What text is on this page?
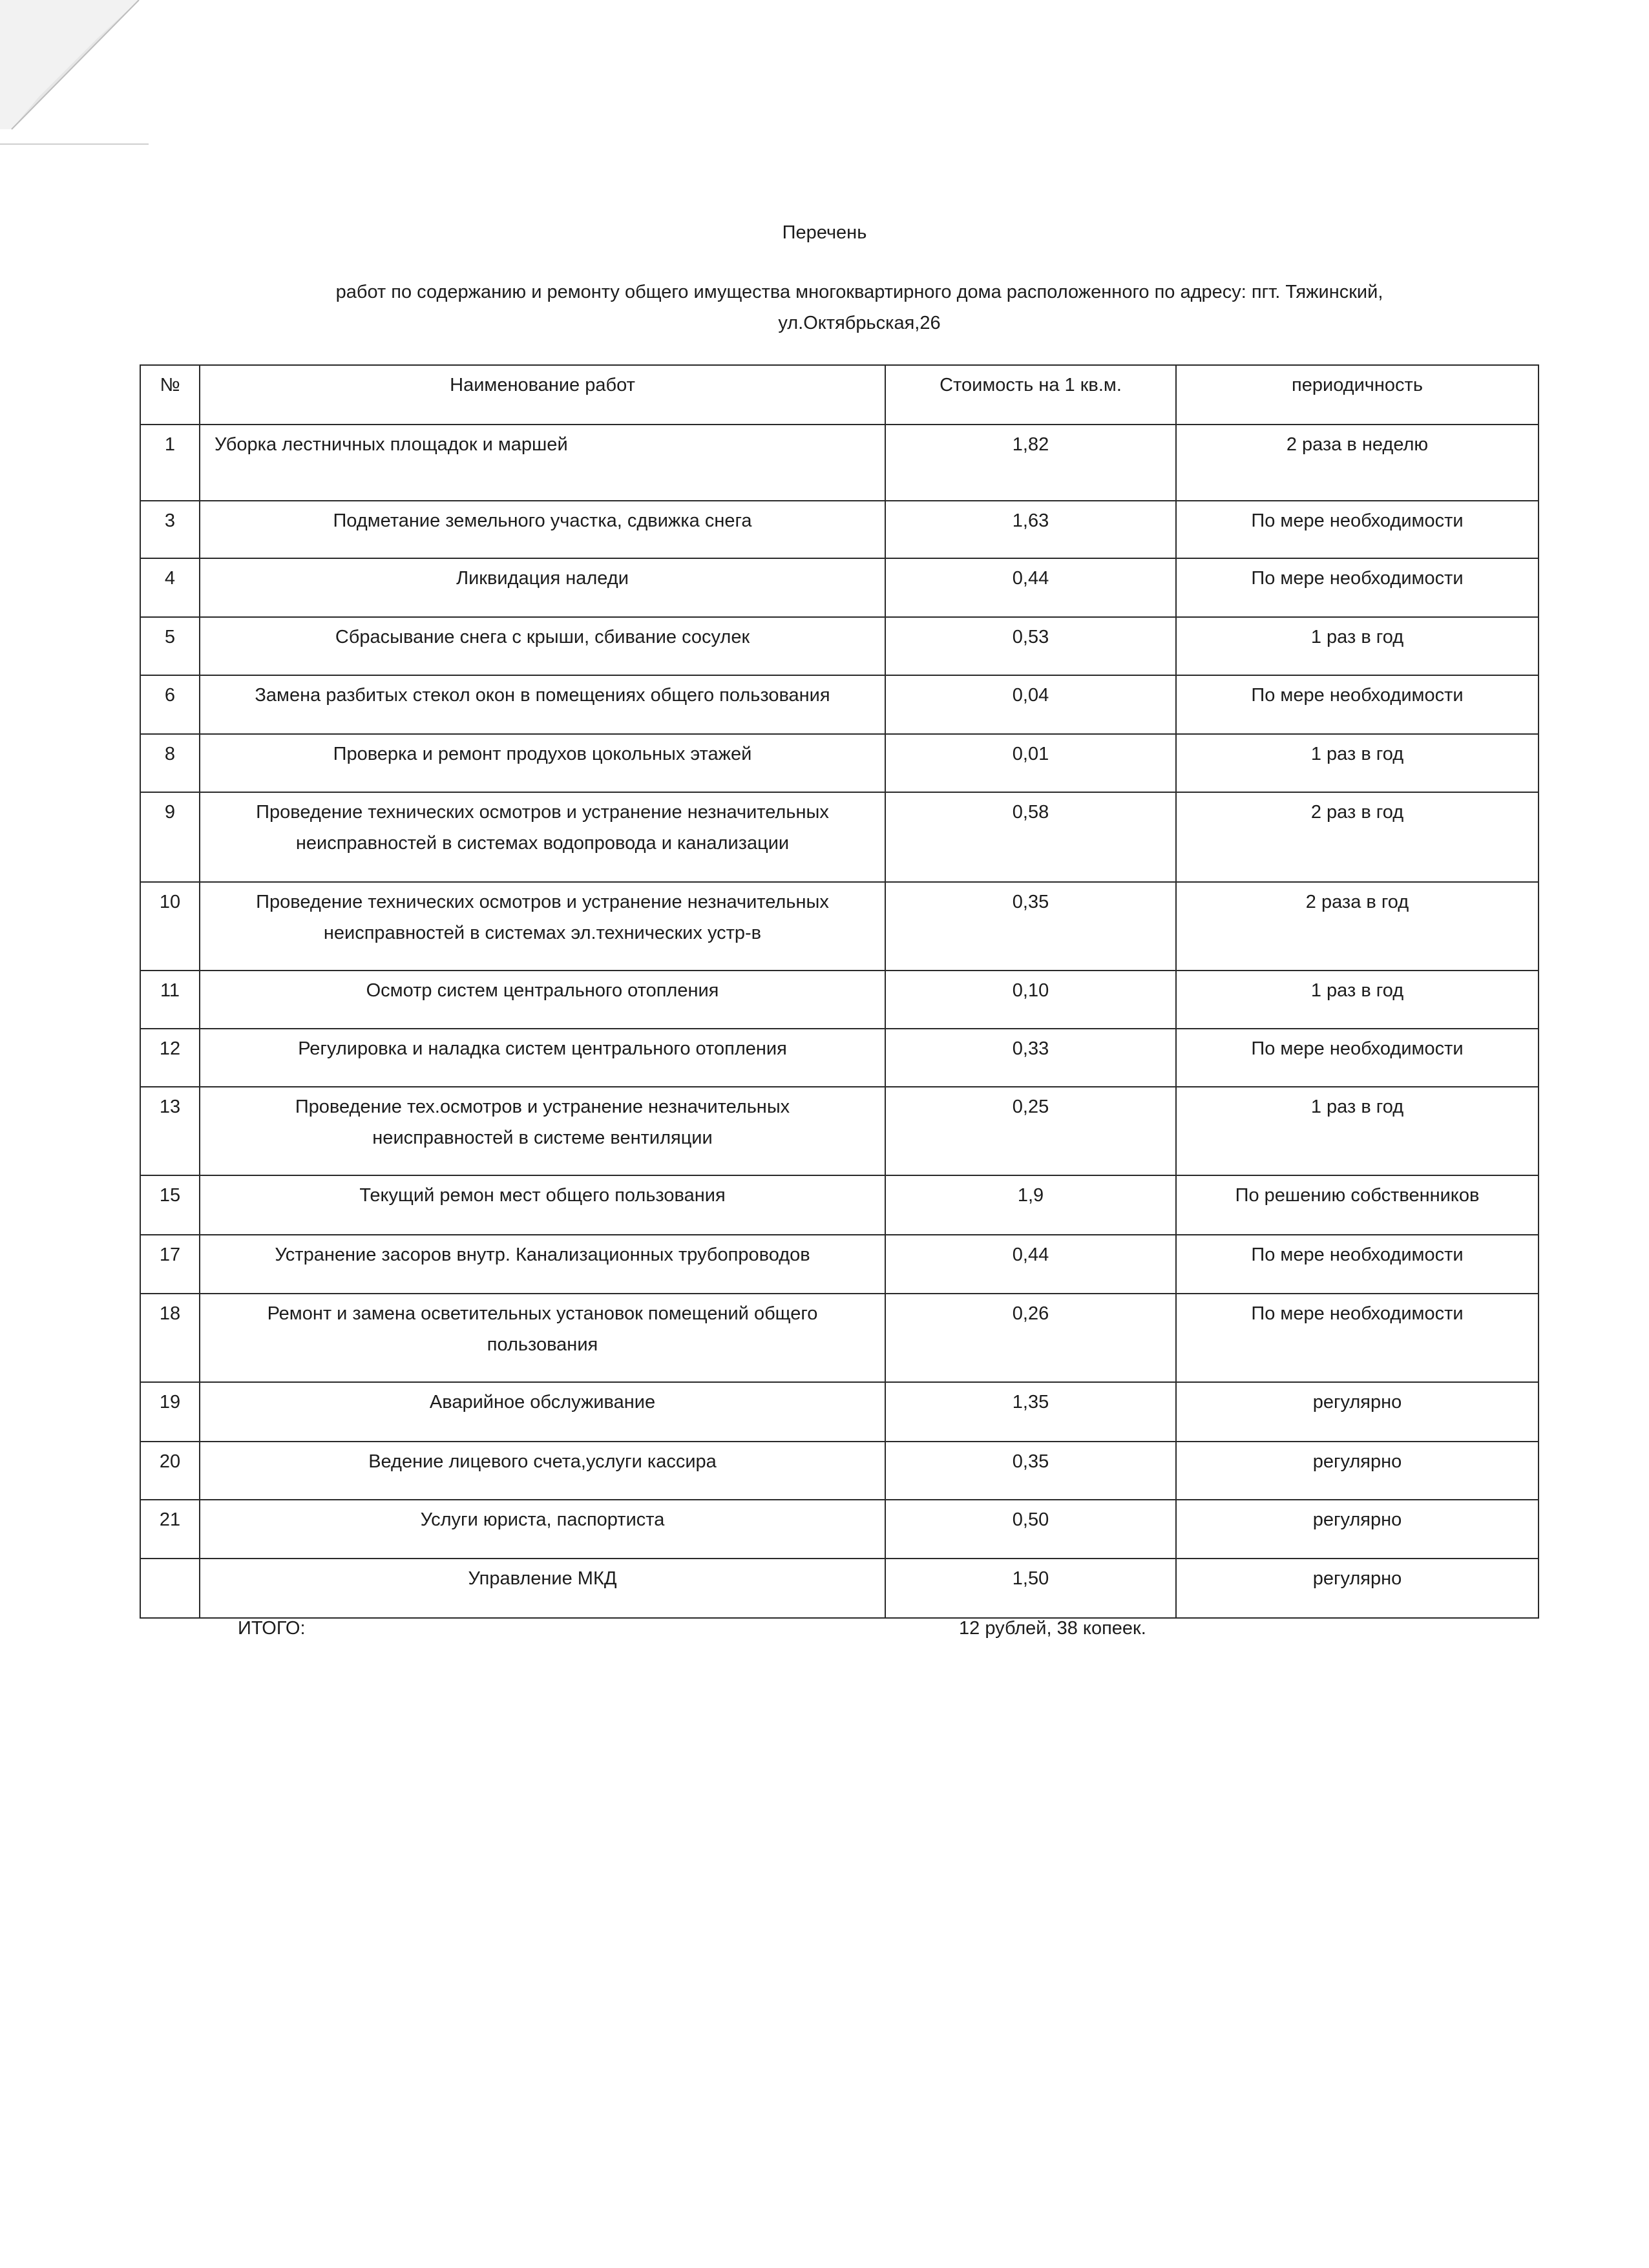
Перечень
работ по содержанию и ремонту общего имущества многоквартирного дома расположенного по адресу: пгт. Тяжинский,
ул.Октябрьская,26
№	Наименование работ	Стоимость на 1 кв.м.	периодичность
1	Уборка лестничных площадок и маршей	1,82	2 раза в неделю
3	Подметание земельного участка, сдвижка снега	1,63	По мере необходимости
4	Ликвидация наледи	0,44	По мере необходимости
5	Сбрасывание снега с крыши, сбивание сосулек	0,53	1 раз в год
6	Замена разбитых стекол окон в помещениях общего пользования	0,04	По мере необходимости
8	Проверка и ремонт продухов цокольных этажей	0,01	1 раз в год
9	Проведение технических осмотров и устранение незначительных
неисправностей в системах водопровода и канализации	0,58	2 раз в год
10	Проведение технических осмотров и устранение незначительных
неисправностей в системах эл.технических устр-в	0,35	2 раза в год
11	Осмотр систем центрального отопления	0,10	1 раз в год
12	Регулировка и наладка систем центрального отопления	0,33	По мере необходимости
13	Проведение тех.осмотров и устранение незначительных
неисправностей в системе вентиляции	0,25	1 раз в год
15	Текущий ремон мест общего пользования	1,9	По решению собственников
17	Устранение засоров внутр. Канализационных трубопроводов	0,44	По мере необходимости
18	Ремонт и замена осветительных установок помещений общего
пользования	0,26	По мере необходимости
19	Аварийное обслуживание	1,35	регулярно
20	Ведение лицевого счета,услуги кассира	0,35	регулярно
21	Услуги юриста, паспортиста	0,50	регулярно
	Управление МКД	1,50	регулярно
ИТОГО:	12 рублей, 38 копеек.
